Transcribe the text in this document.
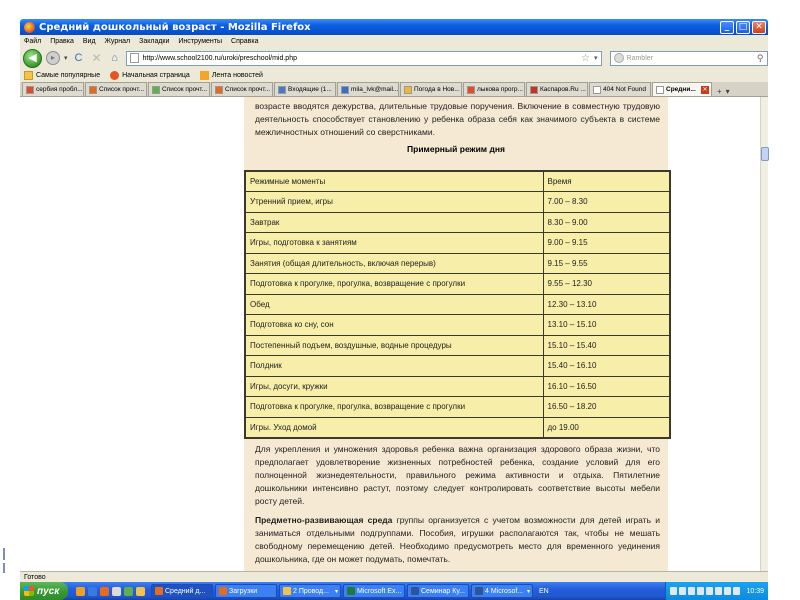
Средний дошкольный возраст - Mozilla Firefox	_	□ ✕
Файл Правка Вид Журнал Закладки Инструменты Справка
◀	▸	▾ C ✕ ⌂	http://www.school2100.ru/uroki/preschool/mid.php	☆ ▾	Rambler	⚲
Самые популярные	Начальная страница	Лента новостей
сербия пробл...	Список прочт...	Список прочт...	Список прочт...	Входящие (1...	mila_lvk@mail... Погода в Нов...	лыкова прогр...	Каспаров.Ru ...	404 Not Found	Средни... ✕ + ▾
возрасте вводятся дежурства, длительные трудовые поручения. Включение в совместную трудовую деятельность способствует становлению у ребенка образа себя как значимого субъекта в системе межличностных отношений со сверстниками.
Примерный режим дня
Режимные моменты	Время
Утренний прием, игры	7.00 – 8.30
Завтрак	8.30 – 9.00
Игры, подготовка к занятиям	9.00 – 9.15
Занятия (общая длительность, включая перерыв)	9.15 – 9.55
Подготовка к прогулке, прогулка, возвращение с прогулки	9.55 – 12.30
Обед	12.30 – 13.10
Подготовка ко сну, сон	13.10 – 15.10
Постепенный подъем, воздушные, водные процедуры	15.10 – 15.40
Полдник	15.40 – 16.10
Игры, досуги, кружки	16.10 – 16.50
Подготовка к прогулке, прогулка, возвращение с прогулки	16.50 – 18.20
Игры. Уход домой	до 19.00

Для укрепления и умножения здоровья ребенка важна организация здорового образа жизни, что предполагает удовлетворение жизненных потребностей ребенка, создание условий для его полноценной жизнедеятельности, правильного режима активности и отдыха. Пятилетние дошкольники интенсивно растут, поэтому следует контролировать соответствие высоты мебели росту детей.

Предметно-развивающая среда группы организуется с учетом возможности для детей играть и заниматься отдельными подгруппами. Пособия, игрушки располагаются так, чтобы не мешать свободному перемещению детей. Необходимо предусмотреть место для временного уединения дошкольника, где он может подумать, помечтать.

Готово
пуск	Средний д...	Загрузки	2 Провод... ▾	Microsoft Ex...	Семинар Ку...	4 Microsof... ▾ EN	10:39
